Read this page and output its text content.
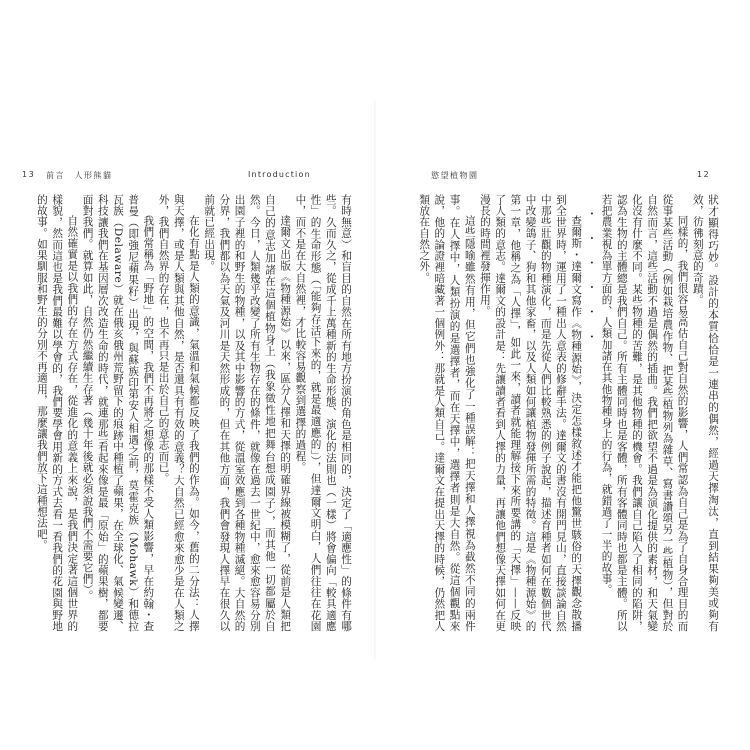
13 前言　人形熊貓	Introduction

有時無意）和盲目的自然在所有地方扮演的角色是相同的，決定了「適應性」的條件有哪些。久而久之，從成千上萬種新的生命形態、演化的法則也（一樣）將會偏向「較具適應性」的生命形態（「能夠存活下來的，就是最適應的」），但達爾文明白，人們往往在花園中，而不是在大自然裡，才比較容易觀察到選擇的過程。

達爾文出版《物種源始》以來，區分人擇和天擇的明確界線被模糊了，從前是人類把自己的意志加諸在這個植物身上（我象徵性地把舞台想成園子），而其他一切都屬於自然。今日，人類幾乎改變了所有生物存在的條件，就像在過去一世紀中，愈來愈容易分別出園子裡的和野生的物種，以及其中影響的方式，從溫室效應到各種物種滅絕。大自然的分界，我們都以為天氣及河川是天然形成的，但在其他方面，我們會發現人擇早在很久以前就已經出現。

在化有點是人類的意識，氣溫和氣候都反映了我們的作為。如今，舊的二分法：人擇與天擇，或是人類與其他自然，是否還具有有效的意義？大自然已經愈來愈少是在人類之外，我們自然界的存在，也不再只是出於自己的意志而已。

我們常稱為「野地」的空間，我們不再將之想像的那樣不受人類影響，早在約翰・查普曼（即強尼蘋果籽）出現，與蘇族印第安人相遇之前，莫霍克族（Mohawk）和德拉瓦族（Delaware）就在俄亥俄州荒野留下的痕跡中種植了蘋果，在全球化、氣候變遷、科技讓我們在基因層次改造生命的時代，就連那些看起來像是最「原始」的蘋果樹，都要面對我們。就算如此，自然仍然繼續生存著（幾十年後就必須說我們不需要它們）。

自然確實是以我們的存在方式存在，從進化的意義上來說，是我們決定著這個世界的樣貌，然而這也是我們最難以學會的，我們要學會用新的方式去看一看我們的花園與野地的故事。如果馴服和野生的分別不再適用，那麼讓我們放下這種想法吧。

慾望植物園	12

狀才顯得巧妙。設計的本質恰恰是一連串的偶然，經過天擇淘汰，直到結果夠美或夠有效，彷彿刻意的奇蹟。

同樣的，我們很容易高估自己對自然的影響，人們常認為自己是為了自身合理目的而從事某些活動（例如栽培農作物、把某些植物列為雜草、寫書讚頌另一些植物），但對於自然而言，這些活動不過是偶然的插曲。我們把欲望不過是為演化提供的素材，和天氣變化沒有什麼不同。某些物種的苦難，是其他物種的機會。我們讓自己陷入了相同的陷阱，認為生物的主體總是我們自己。所有主體同時也是客體，所有客體同時也都是主體。所以若把農業視為單方面的、人類加諸在其他物種身上的行為，就錯過了一半的故事。

・・・・・・

查爾斯・達爾文寫作《物種源始》，決定怎樣敘述才能把他驚世駭俗的天擇觀念散播到全世界時，運用了一種出人意表的修辭手法。達爾文的書沒有開門見山，直接談論自然中那些壯觀的物種演化，而是先從人們比較熟悉的例子說起，描述育種者如何在數個世代中改變鴿子、狗和其他家畜，以及人類如何讓植物發揮所需的特徵。這是《物種源始》的第一章，他稱之為「人擇」，如此一來，讀者就能理解接下來所要講的「天擇」——反映了人類的意志。達爾文的設計是：先讓讀者看到人擇的力量，再讓他們想像天擇如何在更漫長的時間裡發揮作用。

這些隱喻雖然有用，但它們也強化了一種誤解：把天擇和人擇視為截然不同的兩件事。在人擇中，人類扮演的是選擇者，而在天擇中，選擇者則是大自然。從這個觀點來說，他的論證裡暗藏著一個例外：那就是人類自己。達爾文在提出天擇的時候，仍然把人類放在自然之外。
